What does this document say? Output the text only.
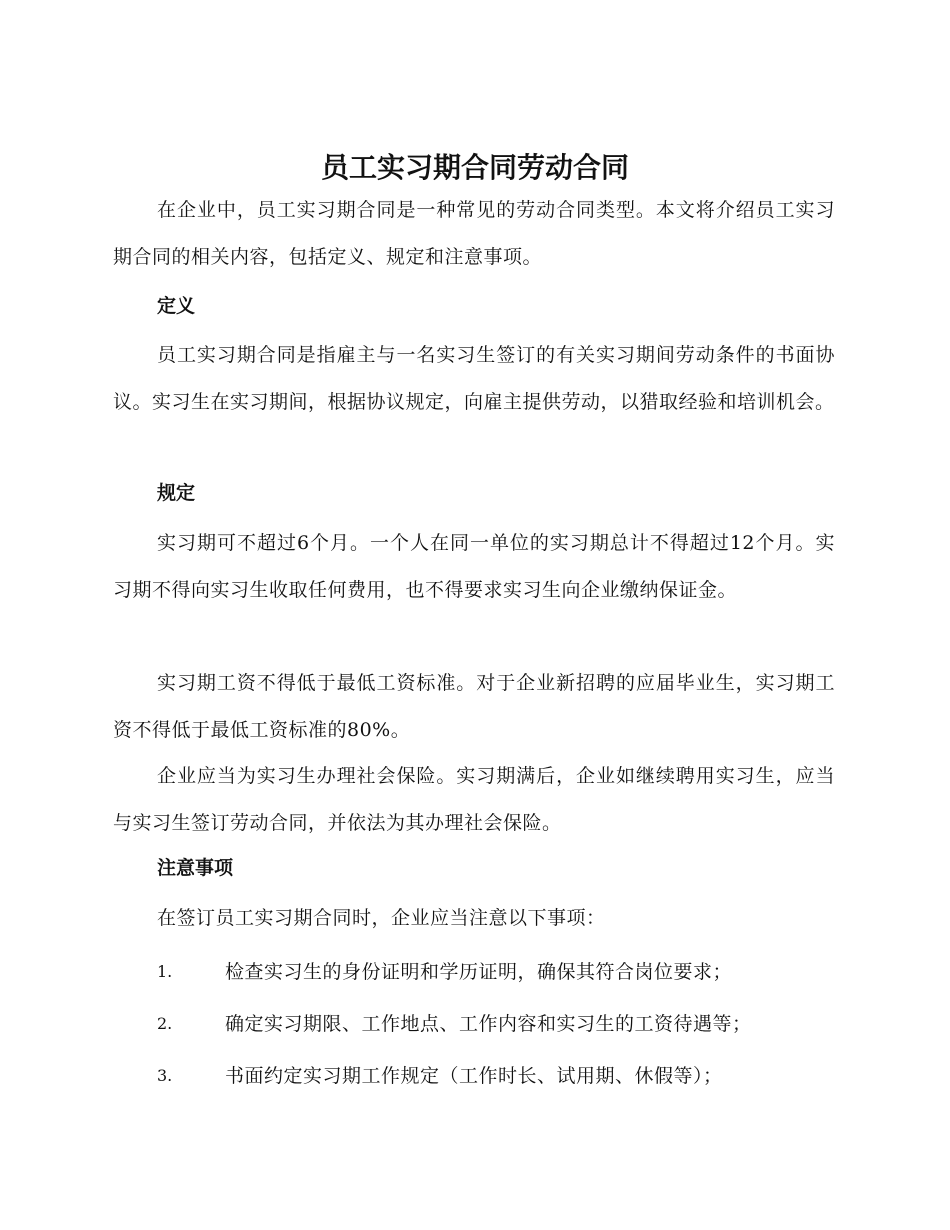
员工实习期合同劳动合同

在企业中，员工实习期合同是一种常见的劳动合同类型。本文将介绍员工实习期合同的相关内容，包括定义、规定和注意事项。

定义

员工实习期合同是指雇主与一名实习生签订的有关实习期间劳动条件的书面协议。实习生在实习期间，根据协议规定，向雇主提供劳动，以猎取经验和培训机会。

规定

实习期可不超过6个月。一个人在同一单位的实习期总计不得超过12个月。实习期不得向实习生收取任何费用，也不得要求实习生向企业缴纳保证金。

实习期工资不得低于最低工资标准。对于企业新招聘的应届毕业生，实习期工资不得低于最低工资标准的80%。

企业应当为实习生办理社会保险。实习期满后，企业如继续聘用实习生，应当与实习生签订劳动合同，并依法为其办理社会保险。

注意事项

在签订员工实习期合同时，企业应当注意以下事项：

1.	检查实习生的身份证明和学历证明，确保其符合岗位要求；
2.	确定实习期限、工作地点、工作内容和实习生的工资待遇等；
3.	书面约定实习期工作规定（工作时长、试用期、休假等）；
